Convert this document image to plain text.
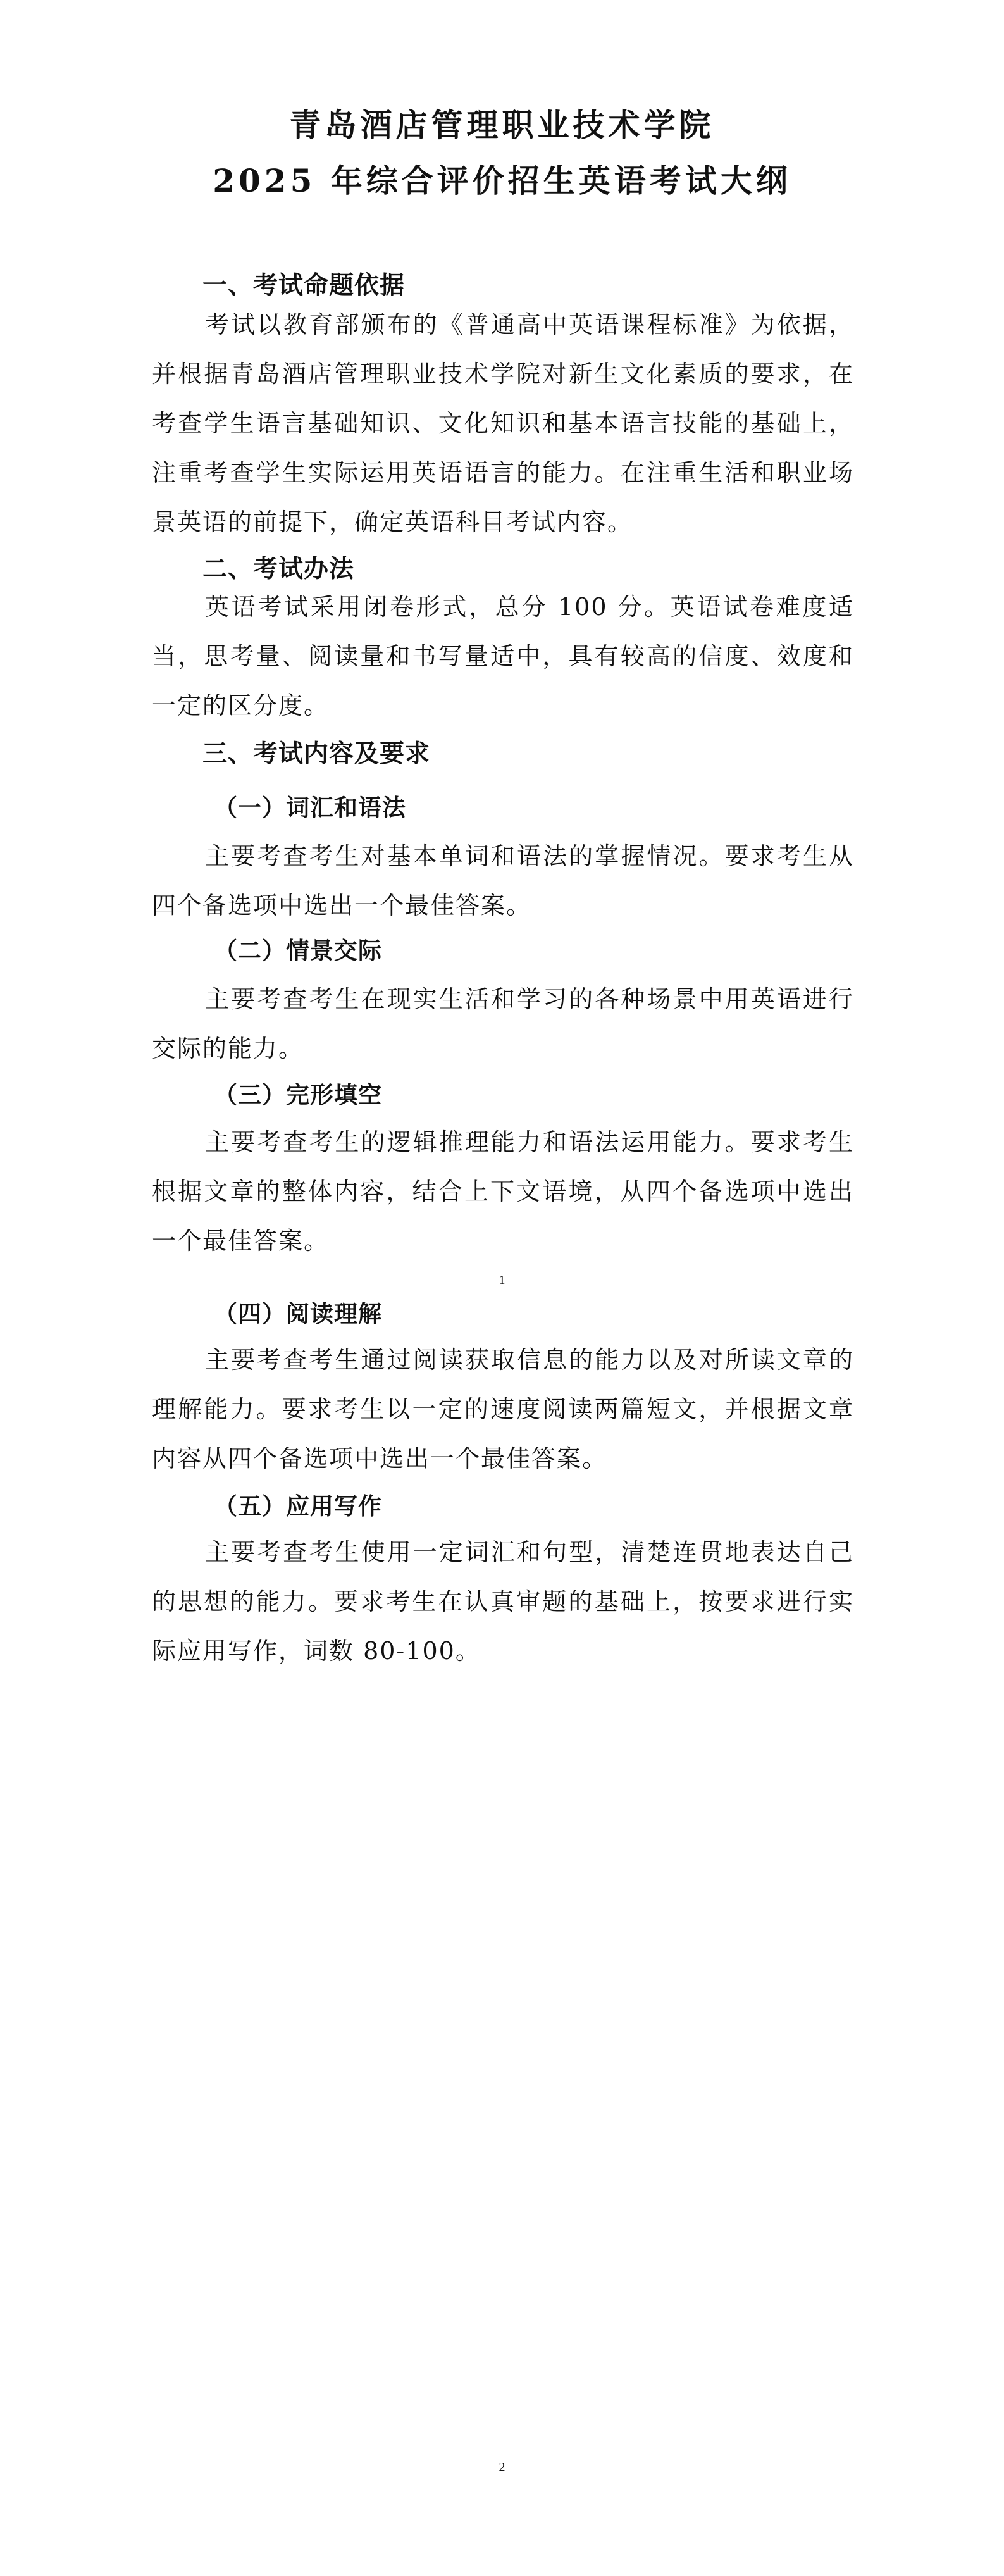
青岛酒店管理职业技术学院
2025 年综合评价招生英语考试大纲
一、考试命题依据

考试以教育部颁布的《普通高中英语课程标准》为依据，并根据青岛酒店管理职业技术学院对新生文化素质的要求，在考查学生语言基础知识、文化知识和基本语言技能的基础上，注重考查学生实际运用英语语言的能力。在注重生活和职业场景英语的前提下，确定英语科目考试内容。

二、考试办法

英语考试采用闭卷形式，总分 100 分。英语试卷难度适当，思考量、阅读量和书写量适中，具有较高的信度、效度和一定的区分度。

三、考试内容及要求
（一）词汇和语法

主要考查考生对基本单词和语法的掌握情况。要求考生从四个备选项中选出一个最佳答案。

（二）情景交际

主要考查考生在现实生活和学习的各种场景中用英语进行交际的能力。

（三）完形填空

主要考查考生的逻辑推理能力和语法运用能力。要求考生根据文章的整体内容，结合上下文语境，从四个备选项中选出一个最佳答案。

1
（四）阅读理解

主要考查考生通过阅读获取信息的能力以及对所读文章的理解能力。要求考生以一定的速度阅读两篇短文，并根据文章内容从四个备选项中选出一个最佳答案。

（五）应用写作

主要考查考生使用一定词汇和句型，清楚连贯地表达自己的思想的能力。要求考生在认真审题的基础上，按要求进行实际应用写作，词数 80-100。

2
